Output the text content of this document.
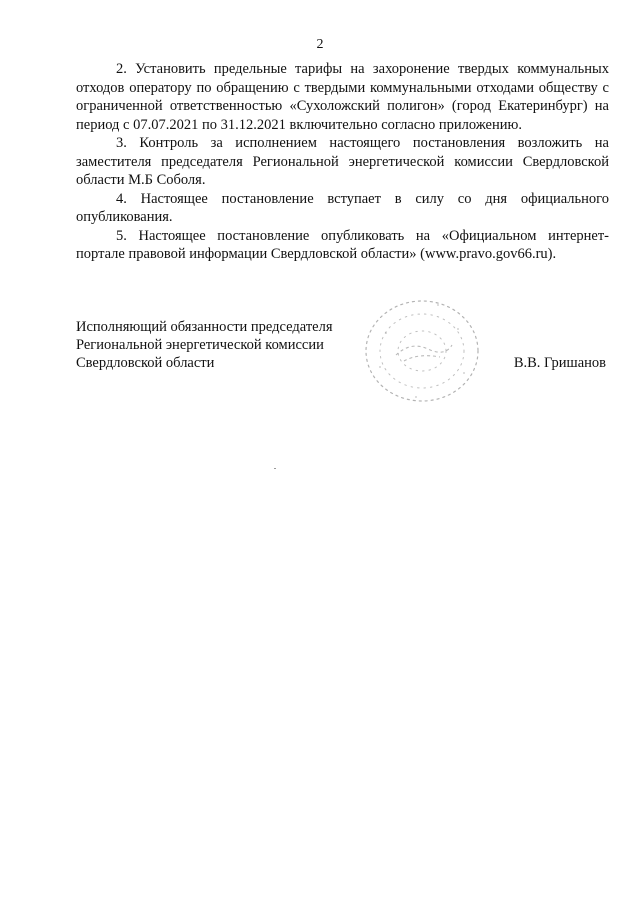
2

2. Установить предельные тарифы на захоронение твердых коммунальных отходов оператору по обращению с твердыми коммунальными отходами обществу с ограниченной ответственностью «Сухоложский полигон» (город Екатеринбург) на период с 07.07.2021 по 31.12.2021 включительно согласно приложению.

3. Контроль за исполнением настоящего постановления возложить на заместителя председателя Региональной энергетической комиссии Свердловской области М.Б Соболя.

4. Настоящее постановление вступает в силу со дня официального опубликования.

5. Настоящее постановление опубликовать на «Официальном интернет-портале правовой информации Свердловской области» (www.pravo.gov66.ru).

Исполняющий обязанности председателя
Региональной энергетической комиссии
Свердловской области	В.В. Гришанов
